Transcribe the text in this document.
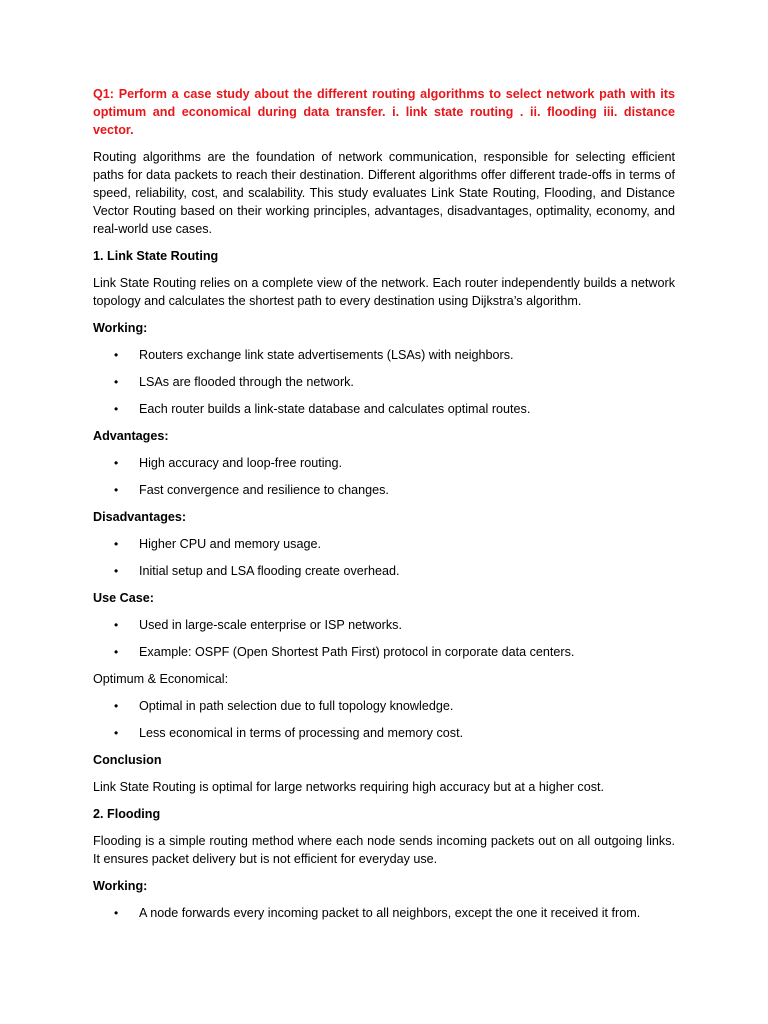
Q1: Perform a case study about the different routing algorithms to select network path with its optimum and economical during data transfer. i. link state routing . ii. flooding iii. distance vector.

Routing algorithms are the foundation of network communication, responsible for selecting efficient paths for data packets to reach their destination. Different algorithms offer different trade-offs in terms of speed, reliability, cost, and scalability. This study evaluates Link State Routing, Flooding, and Distance Vector Routing based on their working principles, advantages, disadvantages, optimality, economy, and real-world use cases.

1. Link State Routing

Link State Routing relies on a complete view of the network. Each router independently builds a network topology and calculates the shortest path to every destination using Dijkstra’s algorithm.

Working:
• Routers exchange link state advertisements (LSAs) with neighbors.
• LSAs are flooded through the network.
• Each router builds a link-state database and calculates optimal routes.
Advantages:
• High accuracy and loop-free routing.
• Fast convergence and resilience to changes.
Disadvantages:
• Higher CPU and memory usage.
• Initial setup and LSA flooding create overhead.
Use Case:
• Used in large-scale enterprise or ISP networks.
• Example: OSPF (Open Shortest Path First) protocol in corporate data centers.
Optimum & Economical:
• Optimal in path selection due to full topology knowledge.
• Less economical in terms of processing and memory cost.
Conclusion

Link State Routing is optimal for large networks requiring high accuracy but at a higher cost.

2. Flooding

Flooding is a simple routing method where each node sends incoming packets out on all outgoing links. It ensures packet delivery but is not efficient for everyday use.

Working:
• A node forwards every incoming packet to all neighbors, except the one it received it from.
